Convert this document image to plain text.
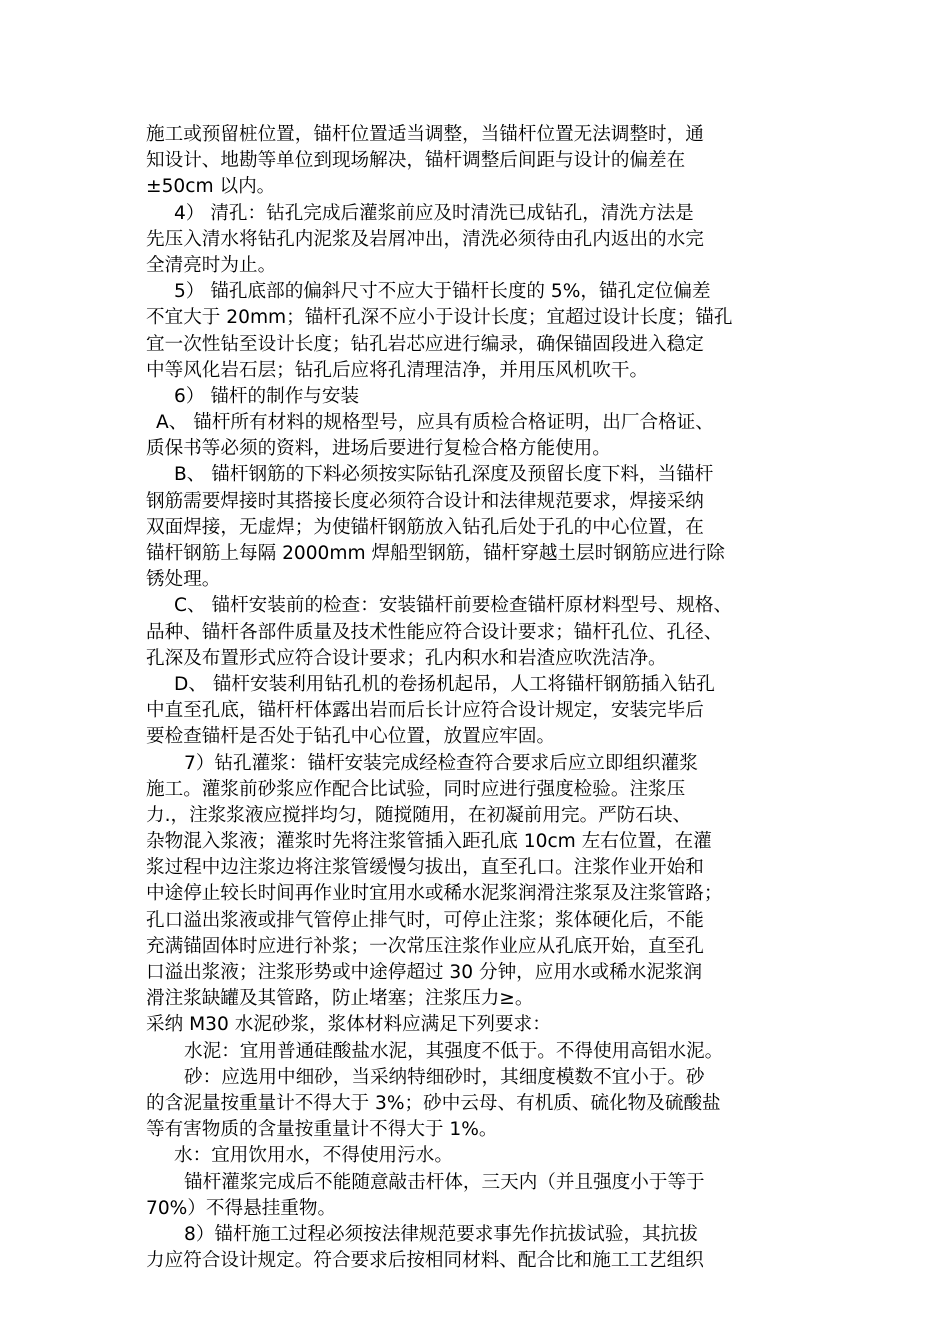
施工或预留桩位置，锚杆位置适当调整，当锚杆位置无法调整时，通
知设计、地勘等单位到现场解决，锚杆调整后间距与设计的偏差在
±50cm 以内。
4） 清孔：钻孔完成后灌浆前应及时清洗已成钻孔，清洗方法是
先压入清水将钻孔内泥浆及岩屑冲出，清洗必须待由孔内返出的水完
全清亮时为止。
5） 锚孔底部的偏斜尺寸不应大于锚杆长度的 5%，锚孔定位偏差
不宜大于 20mm；锚杆孔深不应小于设计长度；宜超过设计长度；锚孔
宜一次性钻至设计长度；钻孔岩芯应进行编录，确保锚固段进入稳定
中等风化岩石层；钻孔后应将孔清理洁净，并用压风机吹干。
6） 锚杆的制作与安装
A、 锚杆所有材料的规格型号，应具有质检合格证明，出厂合格证、
质保书等必须的资料，进场后要进行复检合格方能使用。
B、 锚杆钢筋的下料必须按实际钻孔深度及预留长度下料，当锚杆
钢筋需要焊接时其搭接长度必须符合设计和法律规范要求，焊接采纳
双面焊接，无虚焊；为使锚杆钢筋放入钻孔后处于孔的中心位置，在
锚杆钢筋上每隔 2000mm 焊船型钢筋，锚杆穿越土层时钢筋应进行除
锈处理。
C、 锚杆安装前的检查：安装锚杆前要检查锚杆原材料型号、规格、
品种、锚杆各部件质量及技术性能应符合设计要求；锚杆孔位、孔径、
孔深及布置形式应符合设计要求；孔内积水和岩渣应吹洗洁净。
D、 锚杆安装利用钻孔机的卷扬机起吊，人工将锚杆钢筋插入钻孔
中直至孔底，锚杆杆体露出岩而后长计应符合设计规定，安装完毕后
要检查锚杆是否处于钻孔中心位置，放置应牢固。
7）钻孔灌浆：锚杆安装完成经检查符合要求后应立即组织灌浆
施工。灌浆前砂浆应作配合比试验，同时应进行强度检验。注浆压
力.，注浆浆液应搅拌均匀，随搅随用，在初凝前用完。严防石块、
杂物混入浆液；灌浆时先将注浆管插入距孔底 10cm 左右位置，在灌
浆过程中边注浆边将注浆管缓慢匀拔出，直至孔口。注浆作业开始和
中途停止较长时间再作业时宜用水或稀水泥浆润滑注浆泵及注浆管路；
孔口溢出浆液或排气管停止排气时，可停止注浆；浆体硬化后，不能
充满锚固体时应进行补浆；一次常压注浆作业应从孔底开始，直至孔
口溢出浆液；注浆形势或中途停超过 30 分钟，应用水或稀水泥浆润
滑注浆缺罐及其管路，防止堵塞；注浆压力≥。
采纳 M30 水泥砂浆，浆体材料应满足下列要求：
水泥：宜用普通硅酸盐水泥，其强度不低于。不得使用高铝水泥。
砂：应选用中细砂，当采纳特细砂时，其细度模数不宜小于。砂
的含泥量按重量计不得大于 3%；砂中云母、有机质、硫化物及硫酸盐
等有害物质的含量按重量计不得大于 1%。
水：宜用饮用水，不得使用污水。
锚杆灌浆完成后不能随意敲击杆体，三天内（并且强度小于等于
70%）不得悬挂重物。
8）锚杆施工过程必须按法律规范要求事先作抗拔试验，其抗拔
力应符合设计规定。符合要求后按相同材料、配合比和施工工艺组织
